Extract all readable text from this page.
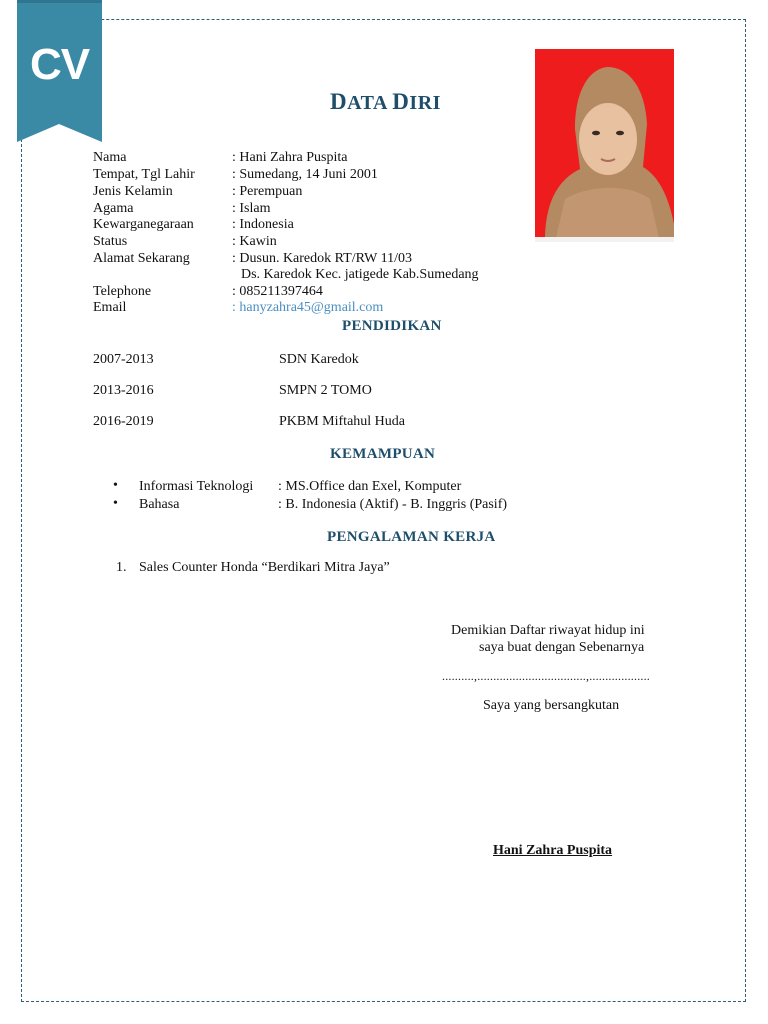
CV
DATA DIRI
Nama	: Hani Zahra Puspita
Tempat, Tgl Lahir	: Sumedang, 14 Juni 2001
Jenis Kelamin	: Perempuan
Agama	: Islam
Kewarganegaraan	: Indonesia
Status	: Kawin
Alamat Sekarang	: Dusun. Karedok RT/RW 11/03
Ds. Karedok Kec. jatigede Kab.Sumedang
Telephone	: 085211397464
Email	: hanyzahra45@gmail.com
PENDIDIKAN
2007-2013	SDN Karedok
2013-2016	SMPN 2 TOMO
2016-2019	PKBM Miftahul Huda
KEMAMPUAN
• Informasi Teknologi : MS.Office dan Exel, Komputer
• Bahasa	: B. Indonesia (Aktif) - B. Inggris (Pasif)
PENGALAMAN KERJA
1. Sales Counter Honda “Berdikari Mitra Jaya”
Demikian Daftar riwayat hidup ini
saya buat dengan Sebenarnya
..........,..................................,...................
Saya yang bersangkutan
Hani Zahra Puspita
